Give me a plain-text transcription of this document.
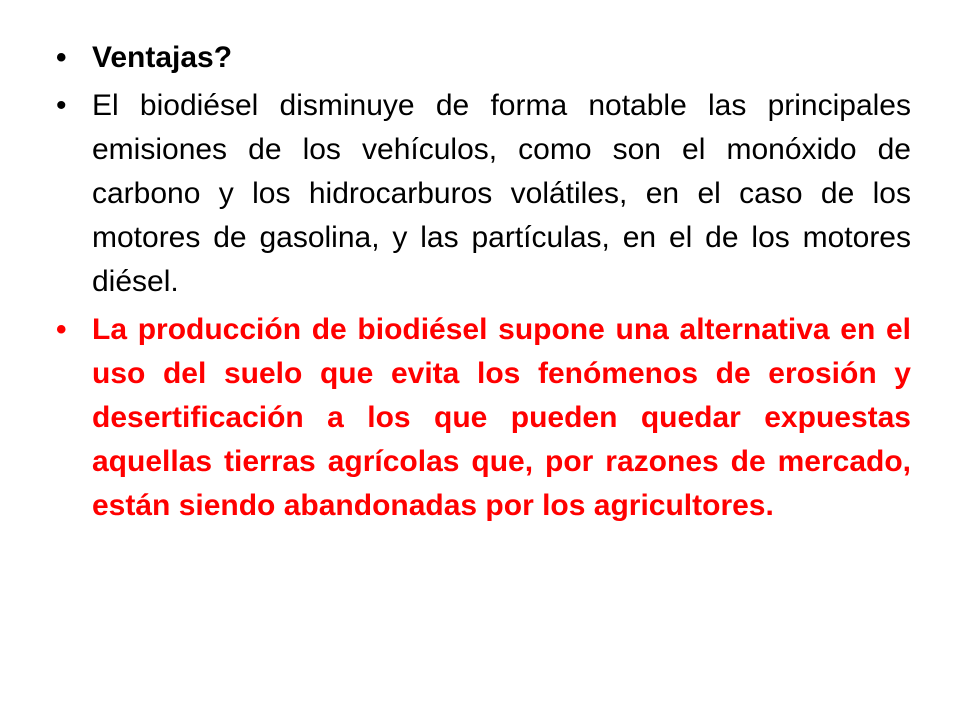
• Ventajas?
• El biodiésel disminuye de forma notable las principales emisiones de los vehículos, como son el monóxido de carbono y los hidrocarburos volátiles, en el caso de los motores de gasolina, y las partículas, en el de los motores diésel.
• La producción de biodiésel supone una alternativa en el uso del suelo que evita los fenómenos de erosión y desertificación a los que pueden quedar expuestas aquellas tierras agrícolas que, por razones de mercado, están siendo abandonadas por los agricultores.
